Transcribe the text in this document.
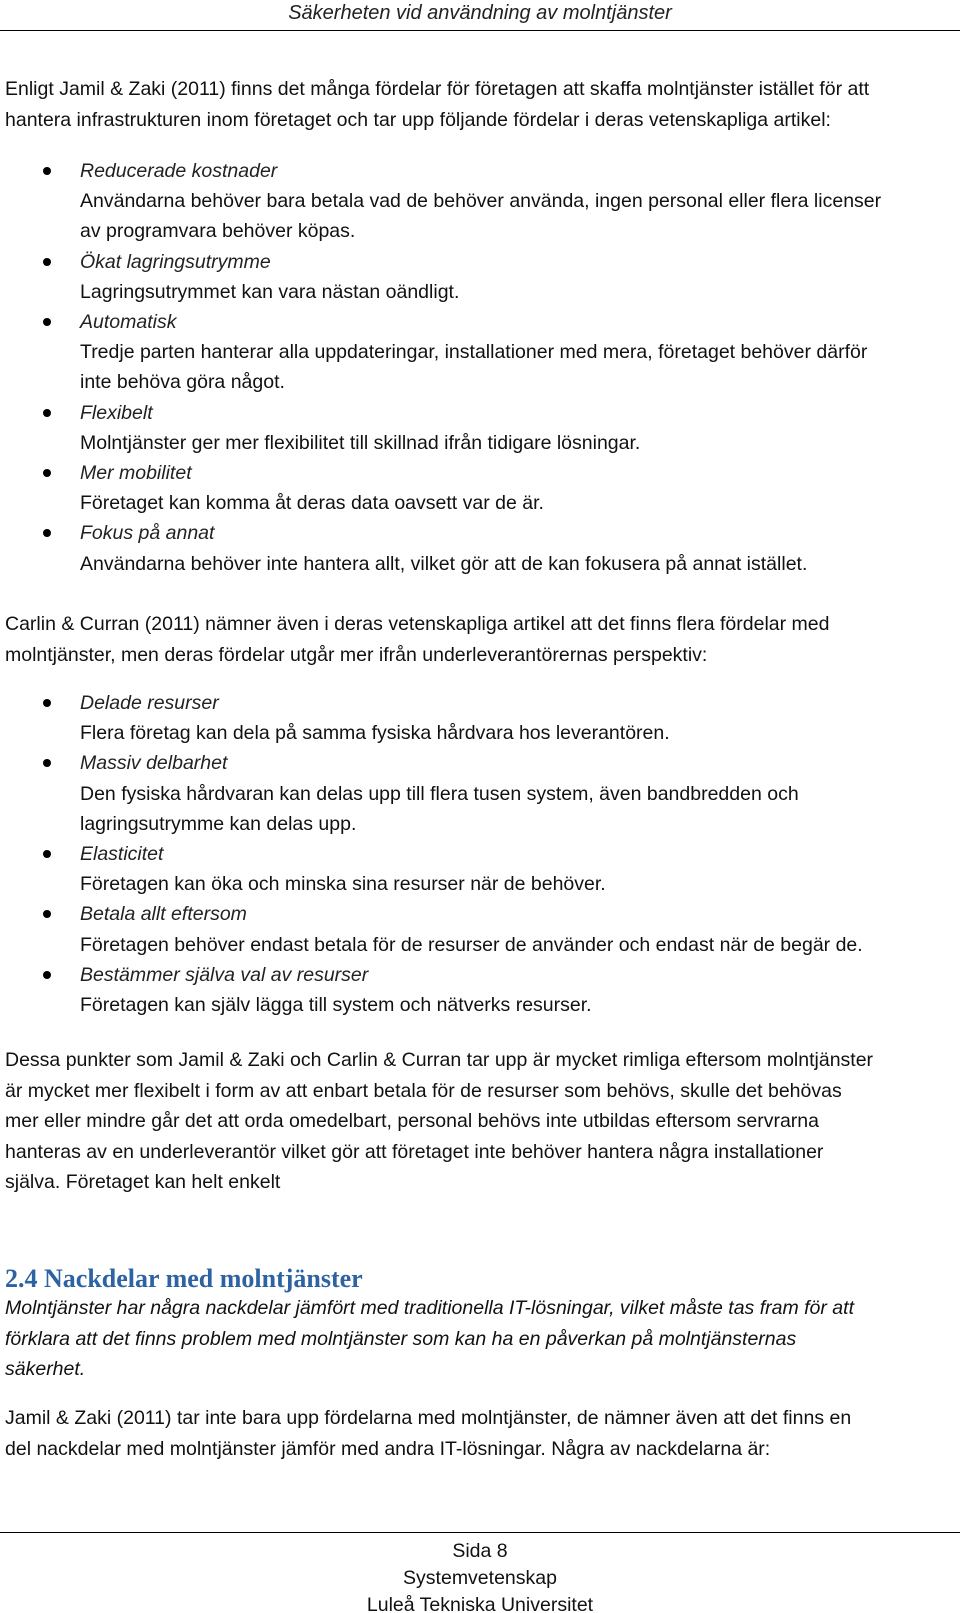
Säkerheten vid användning av molntjänster

Enligt Jamil & Zaki (2011) finns det många fördelar för företagen att skaffa molntjänster istället för att
hantera infrastrukturen inom företaget och tar upp följande fördelar i deras vetenskapliga artikel:

Reducerade kostnader
Användarna behöver bara betala vad de behöver använda, ingen personal eller flera licenser
av programvara behöver köpas.
Ökat lagringsutrymme
Lagringsutrymmet kan vara nästan oändligt.
Automatisk
Tredje parten hanterar alla uppdateringar, installationer med mera, företaget behöver därför
inte behöva göra något.
Flexibelt
Molntjänster ger mer flexibilitet till skillnad ifrån tidigare lösningar.
Mer mobilitet
Företaget kan komma åt deras data oavsett var de är.
Fokus på annat
Användarna behöver inte hantera allt, vilket gör att de kan fokusera på annat istället.

Carlin & Curran (2011) nämner även i deras vetenskapliga artikel att det finns flera fördelar med
molntjänster, men deras fördelar utgår mer ifrån underleverantörernas perspektiv:

Delade resurser
Flera företag kan dela på samma fysiska hårdvara hos leverantören.
Massiv delbarhet
Den fysiska hårdvaran kan delas upp till flera tusen system, även bandbredden och
lagringsutrymme kan delas upp.
Elasticitet
Företagen kan öka och minska sina resurser när de behöver.
Betala allt eftersom
Företagen behöver endast betala för de resurser de använder och endast när de begär de.
Bestämmer själva val av resurser
Företagen kan själv lägga till system och nätverks resurser.

Dessa punkter som Jamil & Zaki och Carlin & Curran tar upp är mycket rimliga eftersom molntjänster
är mycket mer flexibelt i form av att enbart betala för de resurser som behövs, skulle det behövas
mer eller mindre går det att orda omedelbart, personal behövs inte utbildas eftersom servrarna
hanteras av en underleverantör vilket gör att företaget inte behöver hantera några installationer
själva. Företaget kan helt enkelt

2.4 Nackdelar med molntjänster

Molntjänster har några nackdelar jämfört med traditionella IT-lösningar, vilket måste tas fram för att
förklara att det finns problem med molntjänster som kan ha en påverkan på molntjänsternas
säkerhet.

Jamil & Zaki (2011) tar inte bara upp fördelarna med molntjänster, de nämner även att det finns en
del nackdelar med molntjänster jämför med andra IT-lösningar. Några av nackdelarna är:

Sida 8
Systemvetenskap
Luleå Tekniska Universitet
